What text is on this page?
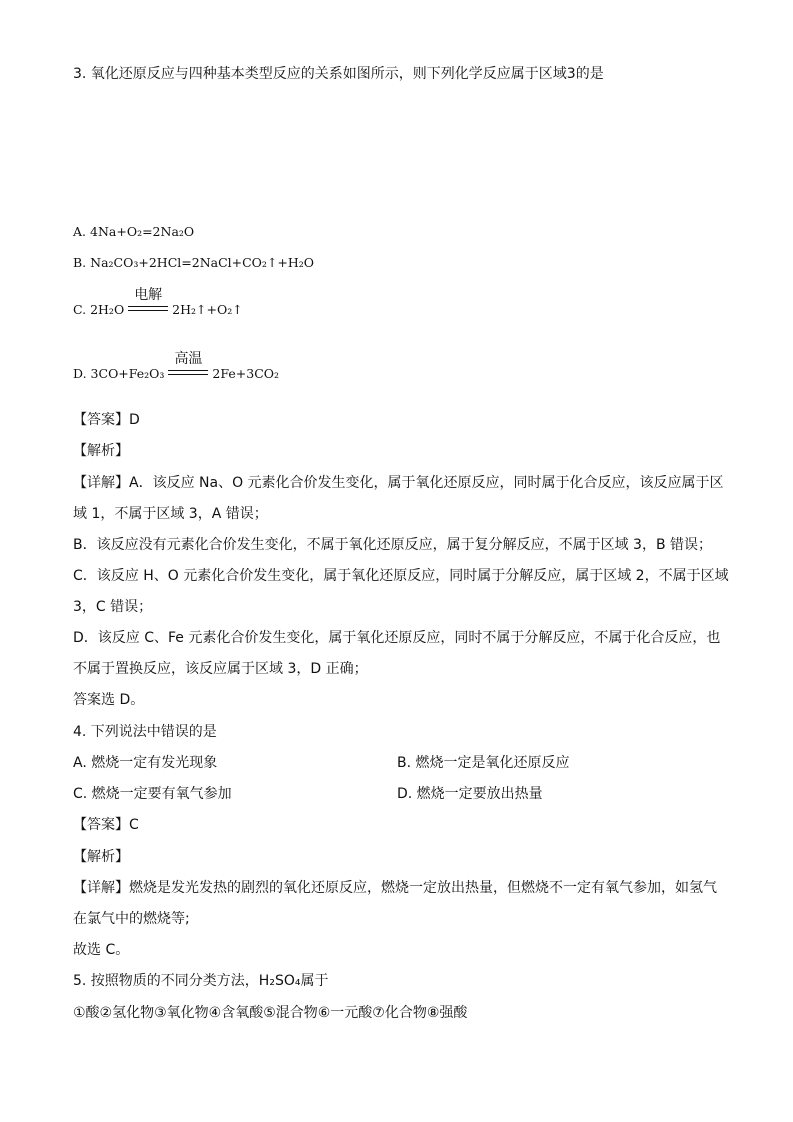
3. 氧化还原反应与四种基本类型反应的关系如图所示，则下列化学反应属于区域3的是
A. 4Na+O₂=2Na₂O
B. Na₂CO₃+2HCl=2NaCl+CO₂↑+H₂O
C. 2H₂O
电解
2H₂↑+O₂↑
D. 3CO+Fe₂O₃
高温
2Fe+3CO₂
【答案】D
【解析】
【详解】A．该反应 Na、O 元素化合价发生变化，属于氧化还原反应，同时属于化合反应，该反应属于区
域 1，不属于区域 3，A 错误；
B．该反应没有元素化合价发生变化，不属于氧化还原反应，属于复分解反应，不属于区域 3，B 错误；
C．该反应 H、O 元素化合价发生变化，属于氧化还原反应，同时属于分解反应，属于区域 2，不属于区域
3，C 错误；
D．该反应 C、Fe 元素化合价发生变化，属于氧化还原反应，同时不属于分解反应，不属于化合反应，也
不属于置换反应，该反应属于区域 3，D 正确；
答案选 D。
4. 下列说法中错误的是
A. 燃烧一定有发光现象	B. 燃烧一定是氧化还原反应
C. 燃烧一定要有氧气参加	D. 燃烧一定要放出热量
【答案】C
【解析】
【详解】燃烧是发光发热的剧烈的氧化还原反应，燃烧一定放出热量，但燃烧不一定有氧气参加，如氢气
在氯气中的燃烧等;
故选 C。
5. 按照物质的不同分类方法，H₂SO₄属于
①酸②氢化物③氧化物④含氧酸⑤混合物⑥一元酸⑦化合物⑧强酸
